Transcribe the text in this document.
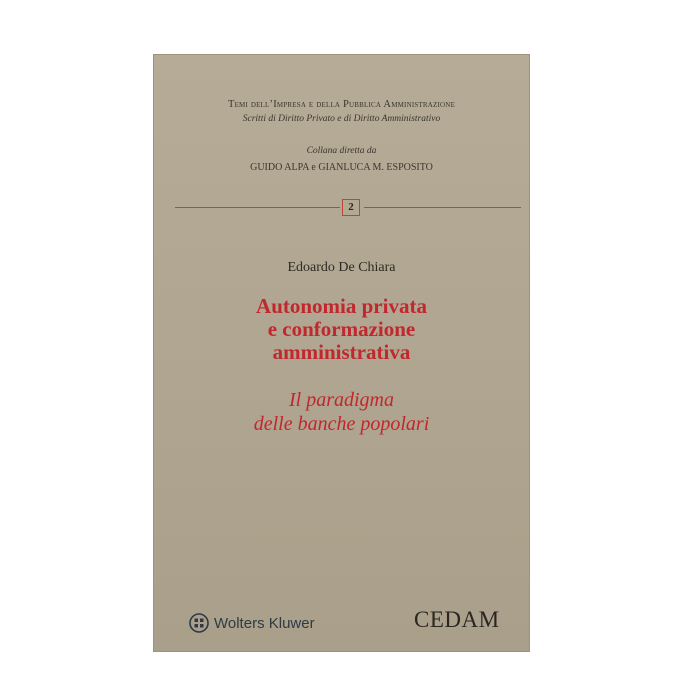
Temi dell’Impresa e della Pubblica Amministrazione
Scritti di Diritto Privato e di Diritto Amministrativo
Collana diretta da
GUIDO ALPA e GIANLUCA M. ESPOSITO
2
Edoardo De Chiara
Autonomia privata
e conformazione
amministrativa
Il paradigma
delle banche popolari
Wolters Kluwer	CEDAM
